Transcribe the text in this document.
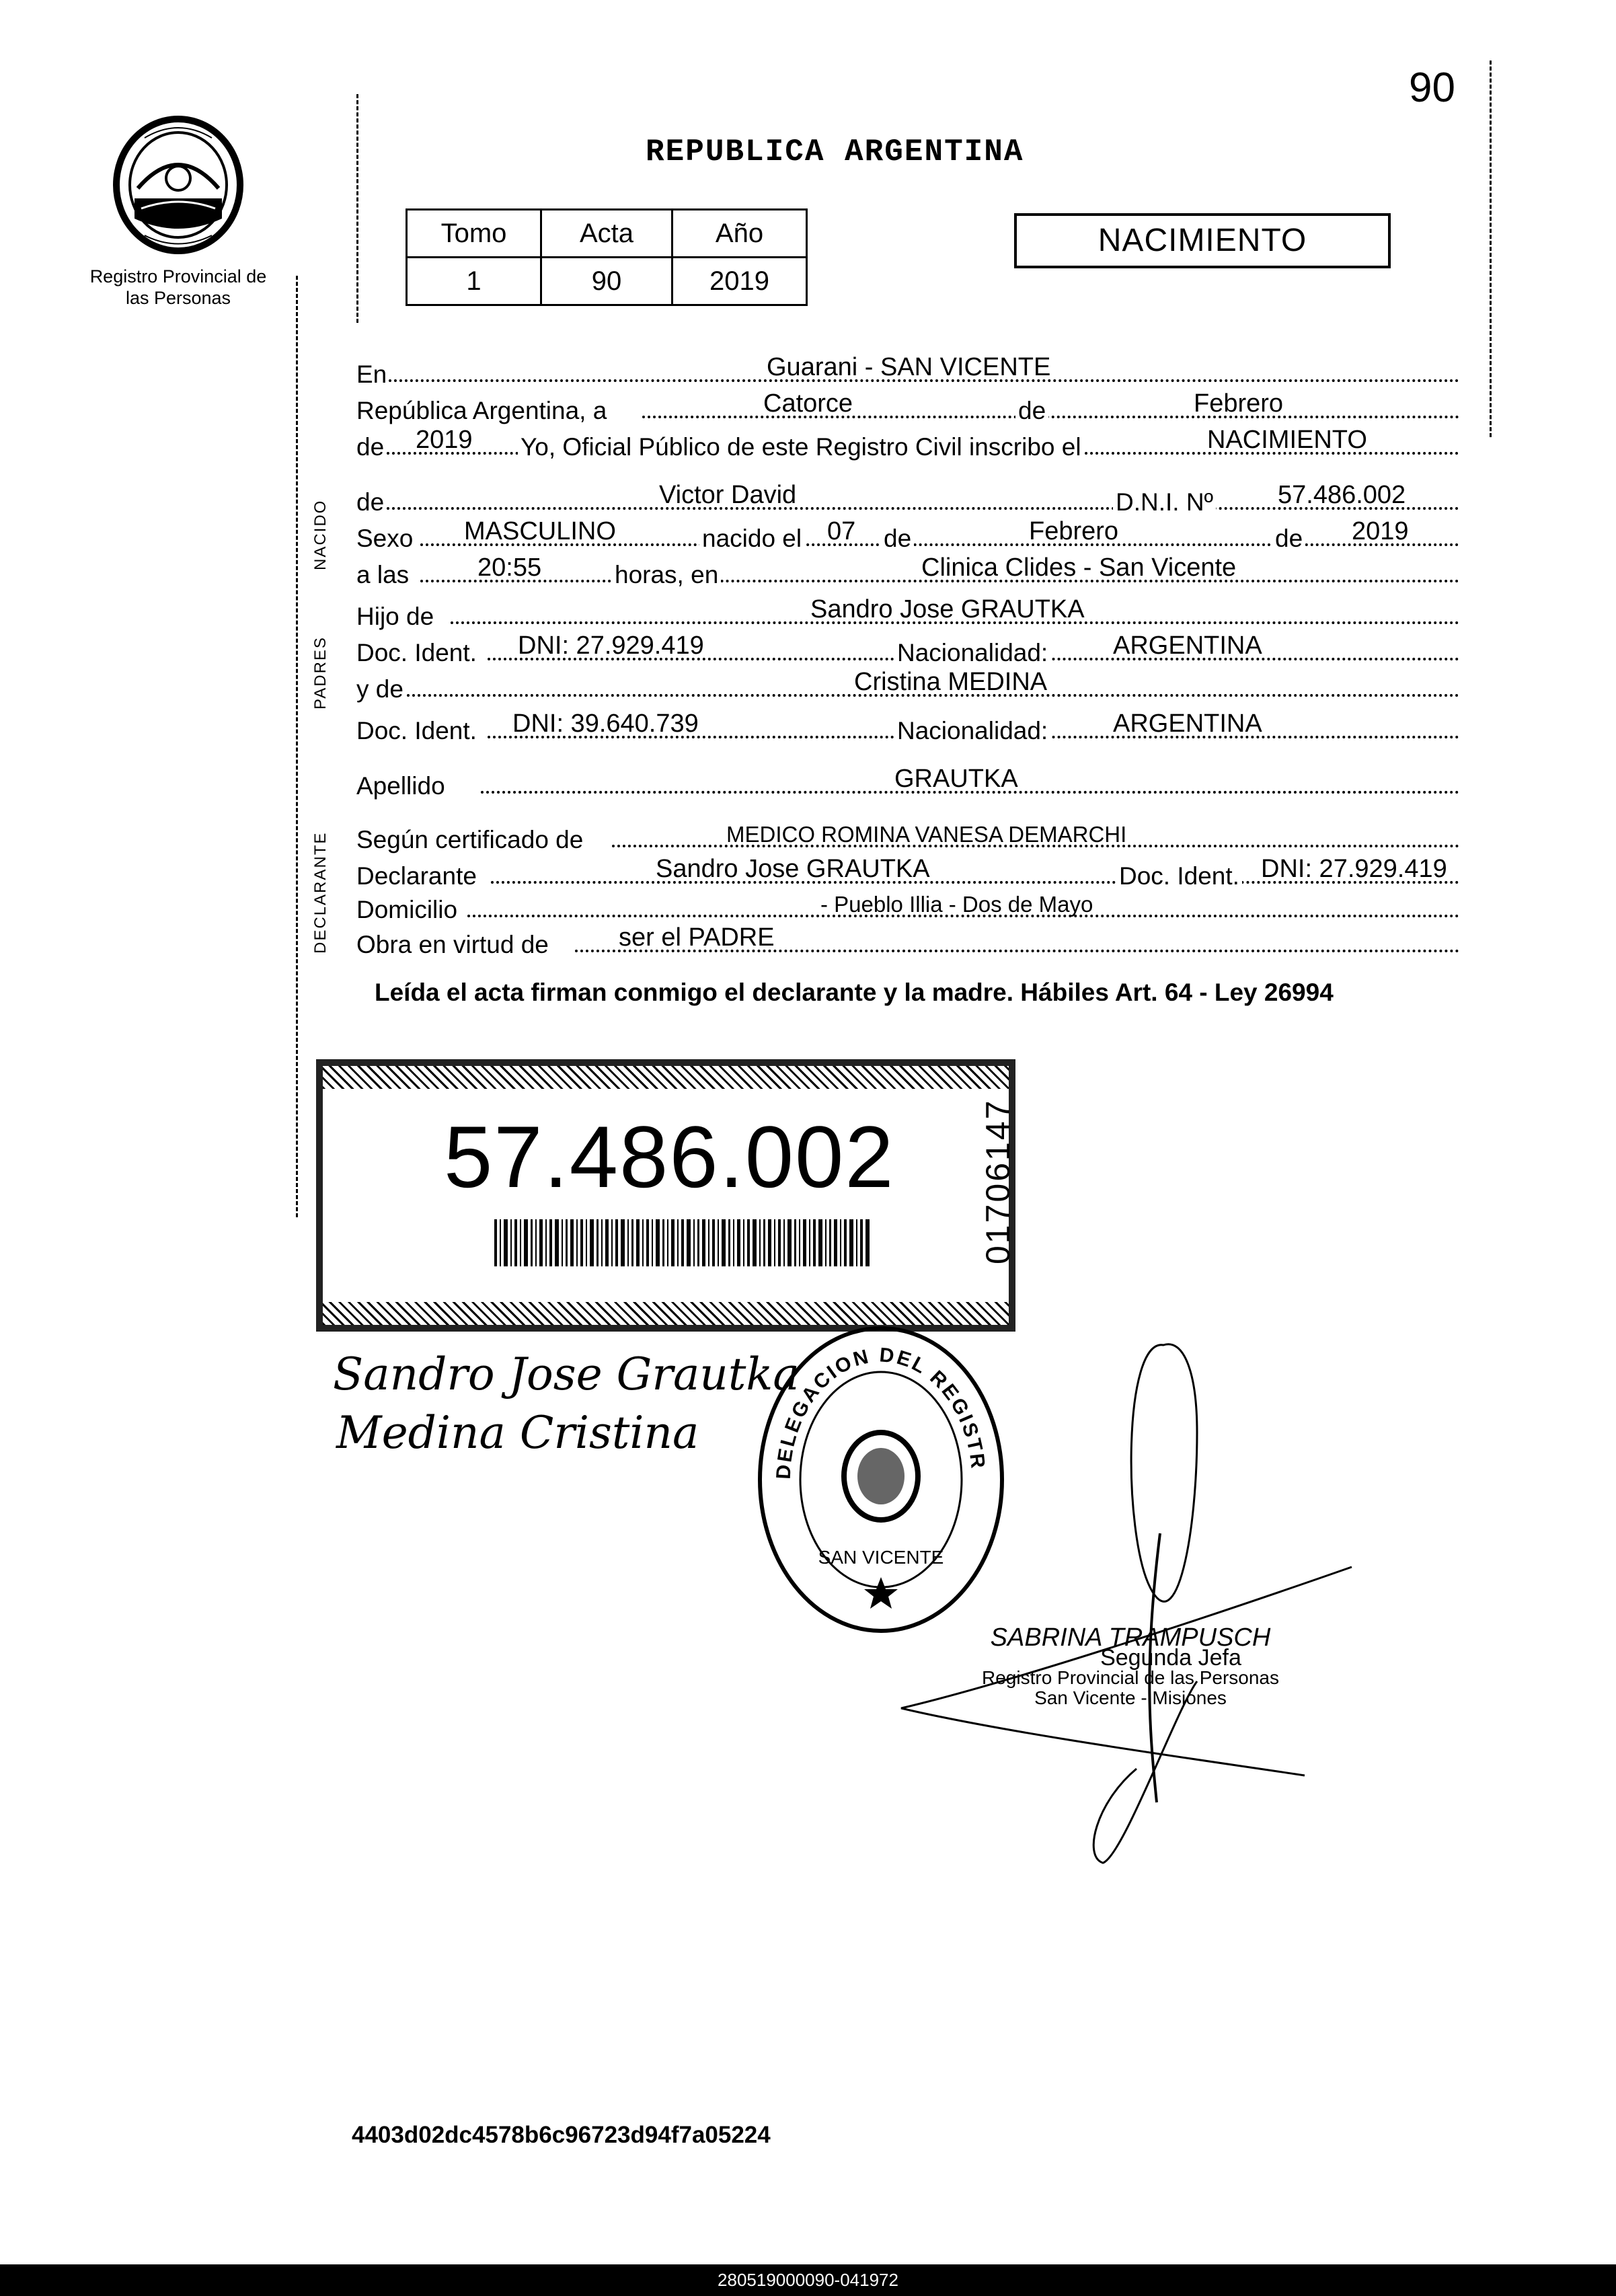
90
Registro Provincial de las Personas
REPUBLICA ARGENTINA
Tomo	Acta	Año
1	90	2019
NACIMIENTO
En	Guarani - SAN VICENTE
República Argentina, a	Catorce	de	Febrero
de 2019 Yo, Oficial Público de este Registro Civil inscribo el	NACIMIENTO
NACIDO de	Victor David	D.N.I. Nº	57.486.002
Sexo MASCULINO	nacido el 07 de	Febrero	de 2019
a las	20:55	horas, en	Clinica Clides - San Vicente
PADRES
Hijo de	Sandro Jose GRAUTKA
Doc. Ident. DNI: 27.929.419	Nacionalidad:	ARGENTINA
y de	Cristina MEDINA
Doc. Ident. DNI: 39.640.739	Nacionalidad:	ARGENTINA
Apellido	GRAUTKA
DECLARANTE Según certificado de	MEDICO ROMINA VANESA DEMARCHI
Declarante	Sandro Jose GRAUTKA	Doc. Ident. DNI: 27.929.419
Domicilio	- Pueblo Illia - Dos de Mayo
Obra en virtud de	ser el PADRE
Leída el acta firman conmigo el declarante y la madre. Hábiles Art. 64 - Ley 26994
57.486.002	01706147
Sandro Jose Grautka
Medina Cristina
DELEGACION DEL REGISTR
SAN VICENTE
SABRINA TRAMPUSCH
Segunda Jefa
Registro Provincial de las Personas
San Vicente - Misiones
4403d02dc4578b6c96723d94f7a05224
280519000090-041972
